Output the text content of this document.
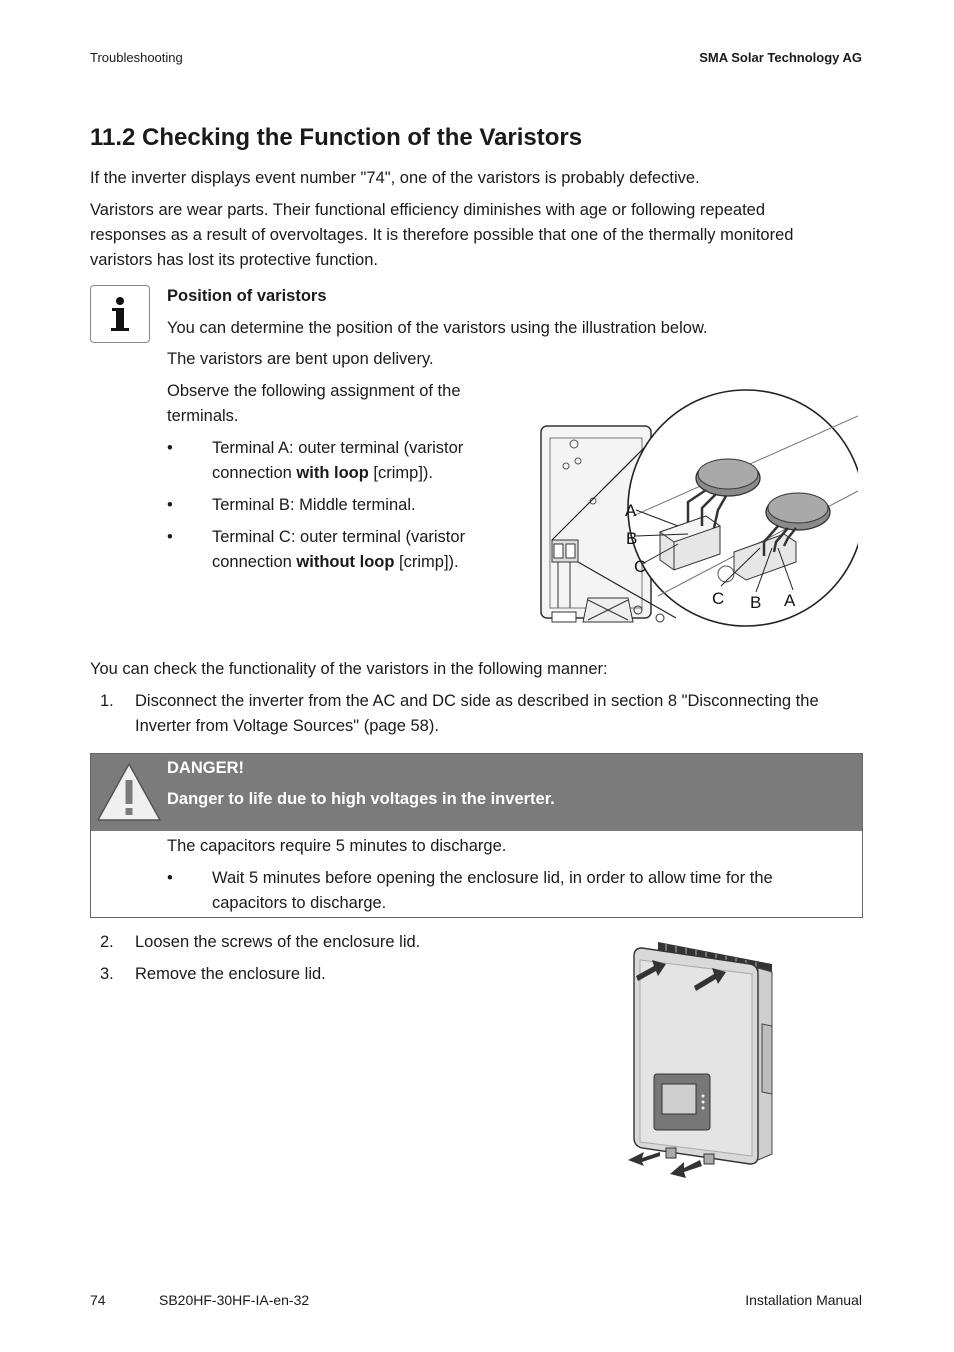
Troubleshooting	SMA Solar Technology AG
11.2 Checking the Function of the Varistors

If the inverter displays event number "74", one of the varistors is probably defective.

Varistors are wear parts. Their functional efficiency diminishes with age or following repeated

responses as a result of overvoltages. It is therefore possible that one of the thermally monitored

varistors has lost its protective function.

Position of varistors

You can determine the position of the varistors using the illustration below.

The varistors are bent upon delivery.

Observe the following assignment of the

terminals.

• Terminal A: outer terminal (varistor
connection with loop [crimp]).
• Terminal B: Middle terminal.
• Terminal C: outer terminal (varistor
connection without loop [crimp]).
A
B
C
C B A

You can check the functionality of the varistors in the following manner:

1. Disconnect the inverter from the AC and DC side as described in section 8 "Disconnecting the

Inverter from Voltage Sources" (page 58).

DANGER!
Danger to life due to high voltages in the inverter.

The capacitors require 5 minutes to discharge.

• Wait 5 minutes before opening the enclosure lid, in order to allow time for the
capacitors to discharge.
2. Loosen the screws of the enclosure lid.

3. Remove the enclosure lid.

74	SB20HF-30HF-IA-en-32	Installation Manual
